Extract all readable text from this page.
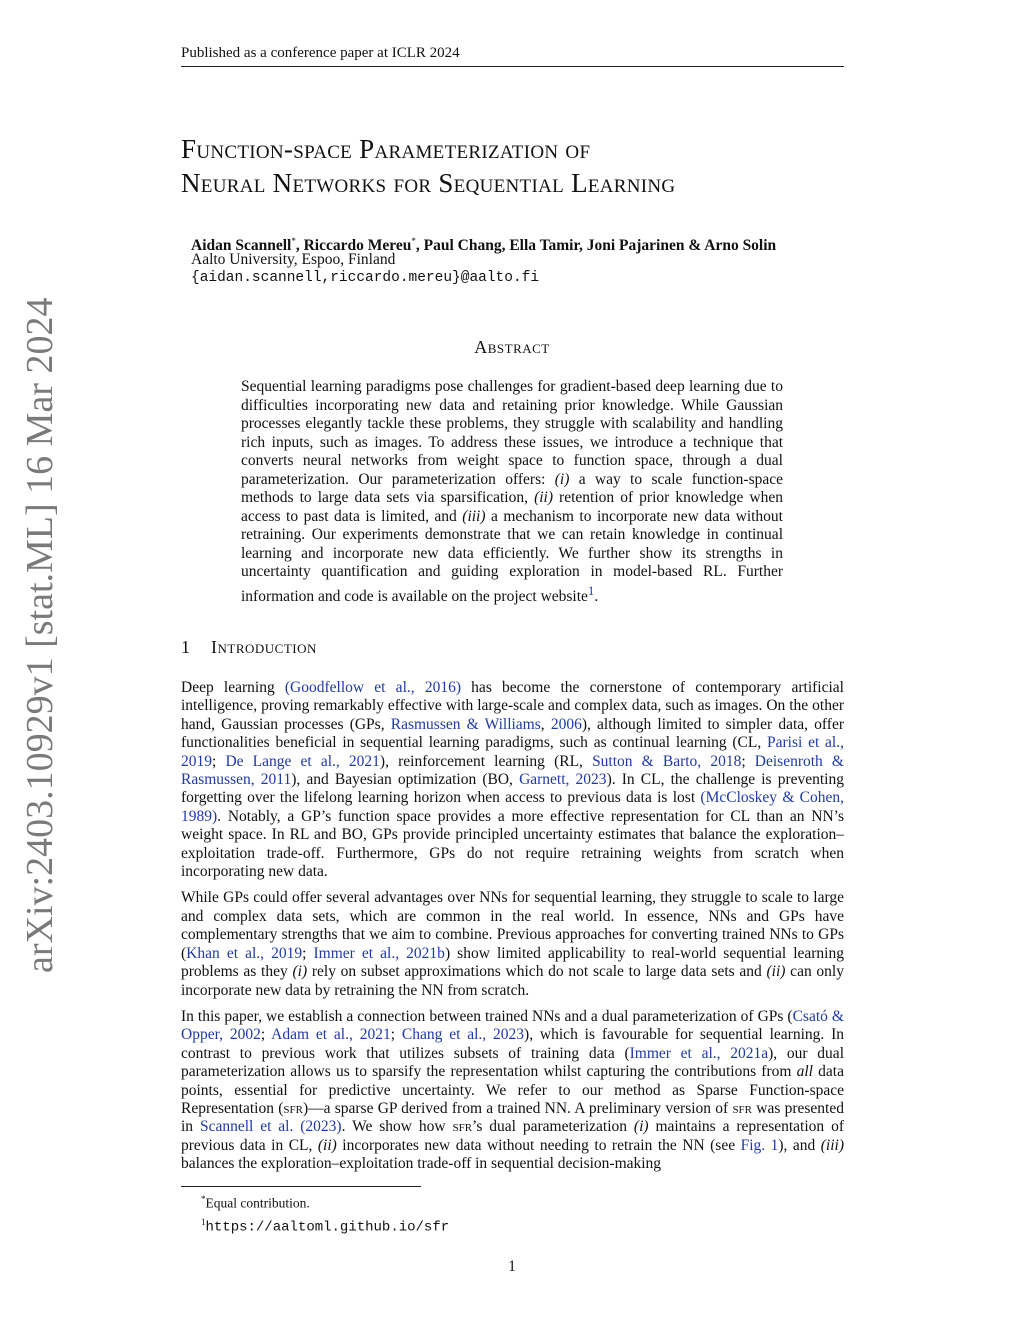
Published as a conference paper at ICLR 2024
arXiv:2403.10929v1 [stat.ML] 16 Mar 2024
Function-space Parameterization of
Neural Networks for Sequential Learning
Aidan Scannell*, Riccardo Mereu*, Paul Chang, Ella Tamir, Joni Pajarinen & Arno Solin
Aalto University, Espoo, Finland
{aidan.scannell,riccardo.mereu}@aalto.fi
Abstract
Sequential learning paradigms pose challenges for gradient-based deep learning due to difficulties incorporating new data and retaining prior knowledge. While Gaussian processes elegantly tackle these problems, they struggle with scalability and handling rich inputs, such as images. To address these issues, we introduce a technique that converts neural networks from weight space to function space, through a dual parameterization. Our parameterization offers: (i) a way to scale function-space methods to large data sets via sparsification, (ii) retention of prior knowledge when access to past data is limited, and (iii) a mechanism to incorporate new data without retraining. Our experiments demonstrate that we can retain knowledge in continual learning and incorporate new data efficiently. We further show its strengths in uncertainty quantification and guiding exploration in model-based RL. Further information and code is available on the project website$^1$.
1 Introduction

Deep learning (Goodfellow et al., 2016) has become the cornerstone of contemporary artificial intelligence, proving remarkably effective with large-scale and complex data, such as images. On the other hand, Gaussian processes (GPs, Rasmussen & Williams, 2006), although limited to simpler data, offer functionalities beneficial in sequential learning paradigms, such as continual learning (CL, Parisi et al., 2019; De Lange et al., 2021), reinforcement learning (RL, Sutton & Barto, 2018; Deisenroth & Rasmussen, 2011), and Bayesian optimization (BO, Garnett, 2023). In CL, the challenge is preventing forgetting over the lifelong learning horizon when access to previous data is lost (McCloskey & Cohen, 1989). Notably, a GP’s function space provides a more effective representation for CL than an NN’s weight space. In RL and BO, GPs provide principled uncertainty estimates that balance the exploration–exploitation trade-off. Furthermore, GPs do not require retraining weights from scratch when incorporating new data.

While GPs could offer several advantages over NNs for sequential learning, they struggle to scale to large and complex data sets, which are common in the real world. In essence, NNs and GPs have complementary strengths that we aim to combine. Previous approaches for converting trained NNs to GPs (Khan et al., 2019; Immer et al., 2021b) show limited applicability to real-world sequential learning problems as they (i) rely on subset approximations which do not scale to large data sets and (ii) can only incorporate new data by retraining the NN from scratch.

In this paper, we establish a connection between trained NNs and a dual parameterization of GPs (Csató & Opper, 2002; Adam et al., 2021; Chang et al., 2023), which is favourable for sequential learning. In contrast to previous work that utilizes subsets of training data (Immer et al., 2021a), our dual parameterization allows us to sparsify the representation whilst capturing the contributions from all data points, essential for predictive uncertainty. We refer to our method as Sparse Function-space Representation (sfr)—a sparse GP derived from a trained NN. A preliminary version of sfr was presented in Scannell et al. (2023). We show how sfr’s dual parameterization (i) maintains a representation of previous data in CL, (ii) incorporates new data without needing to retrain the NN (see Fig. 1), and (iii) balances the exploration–exploitation trade-off in sequential decision-making

*Equal contribution.
$^1$https://aaltoml.github.io/sfr
1
